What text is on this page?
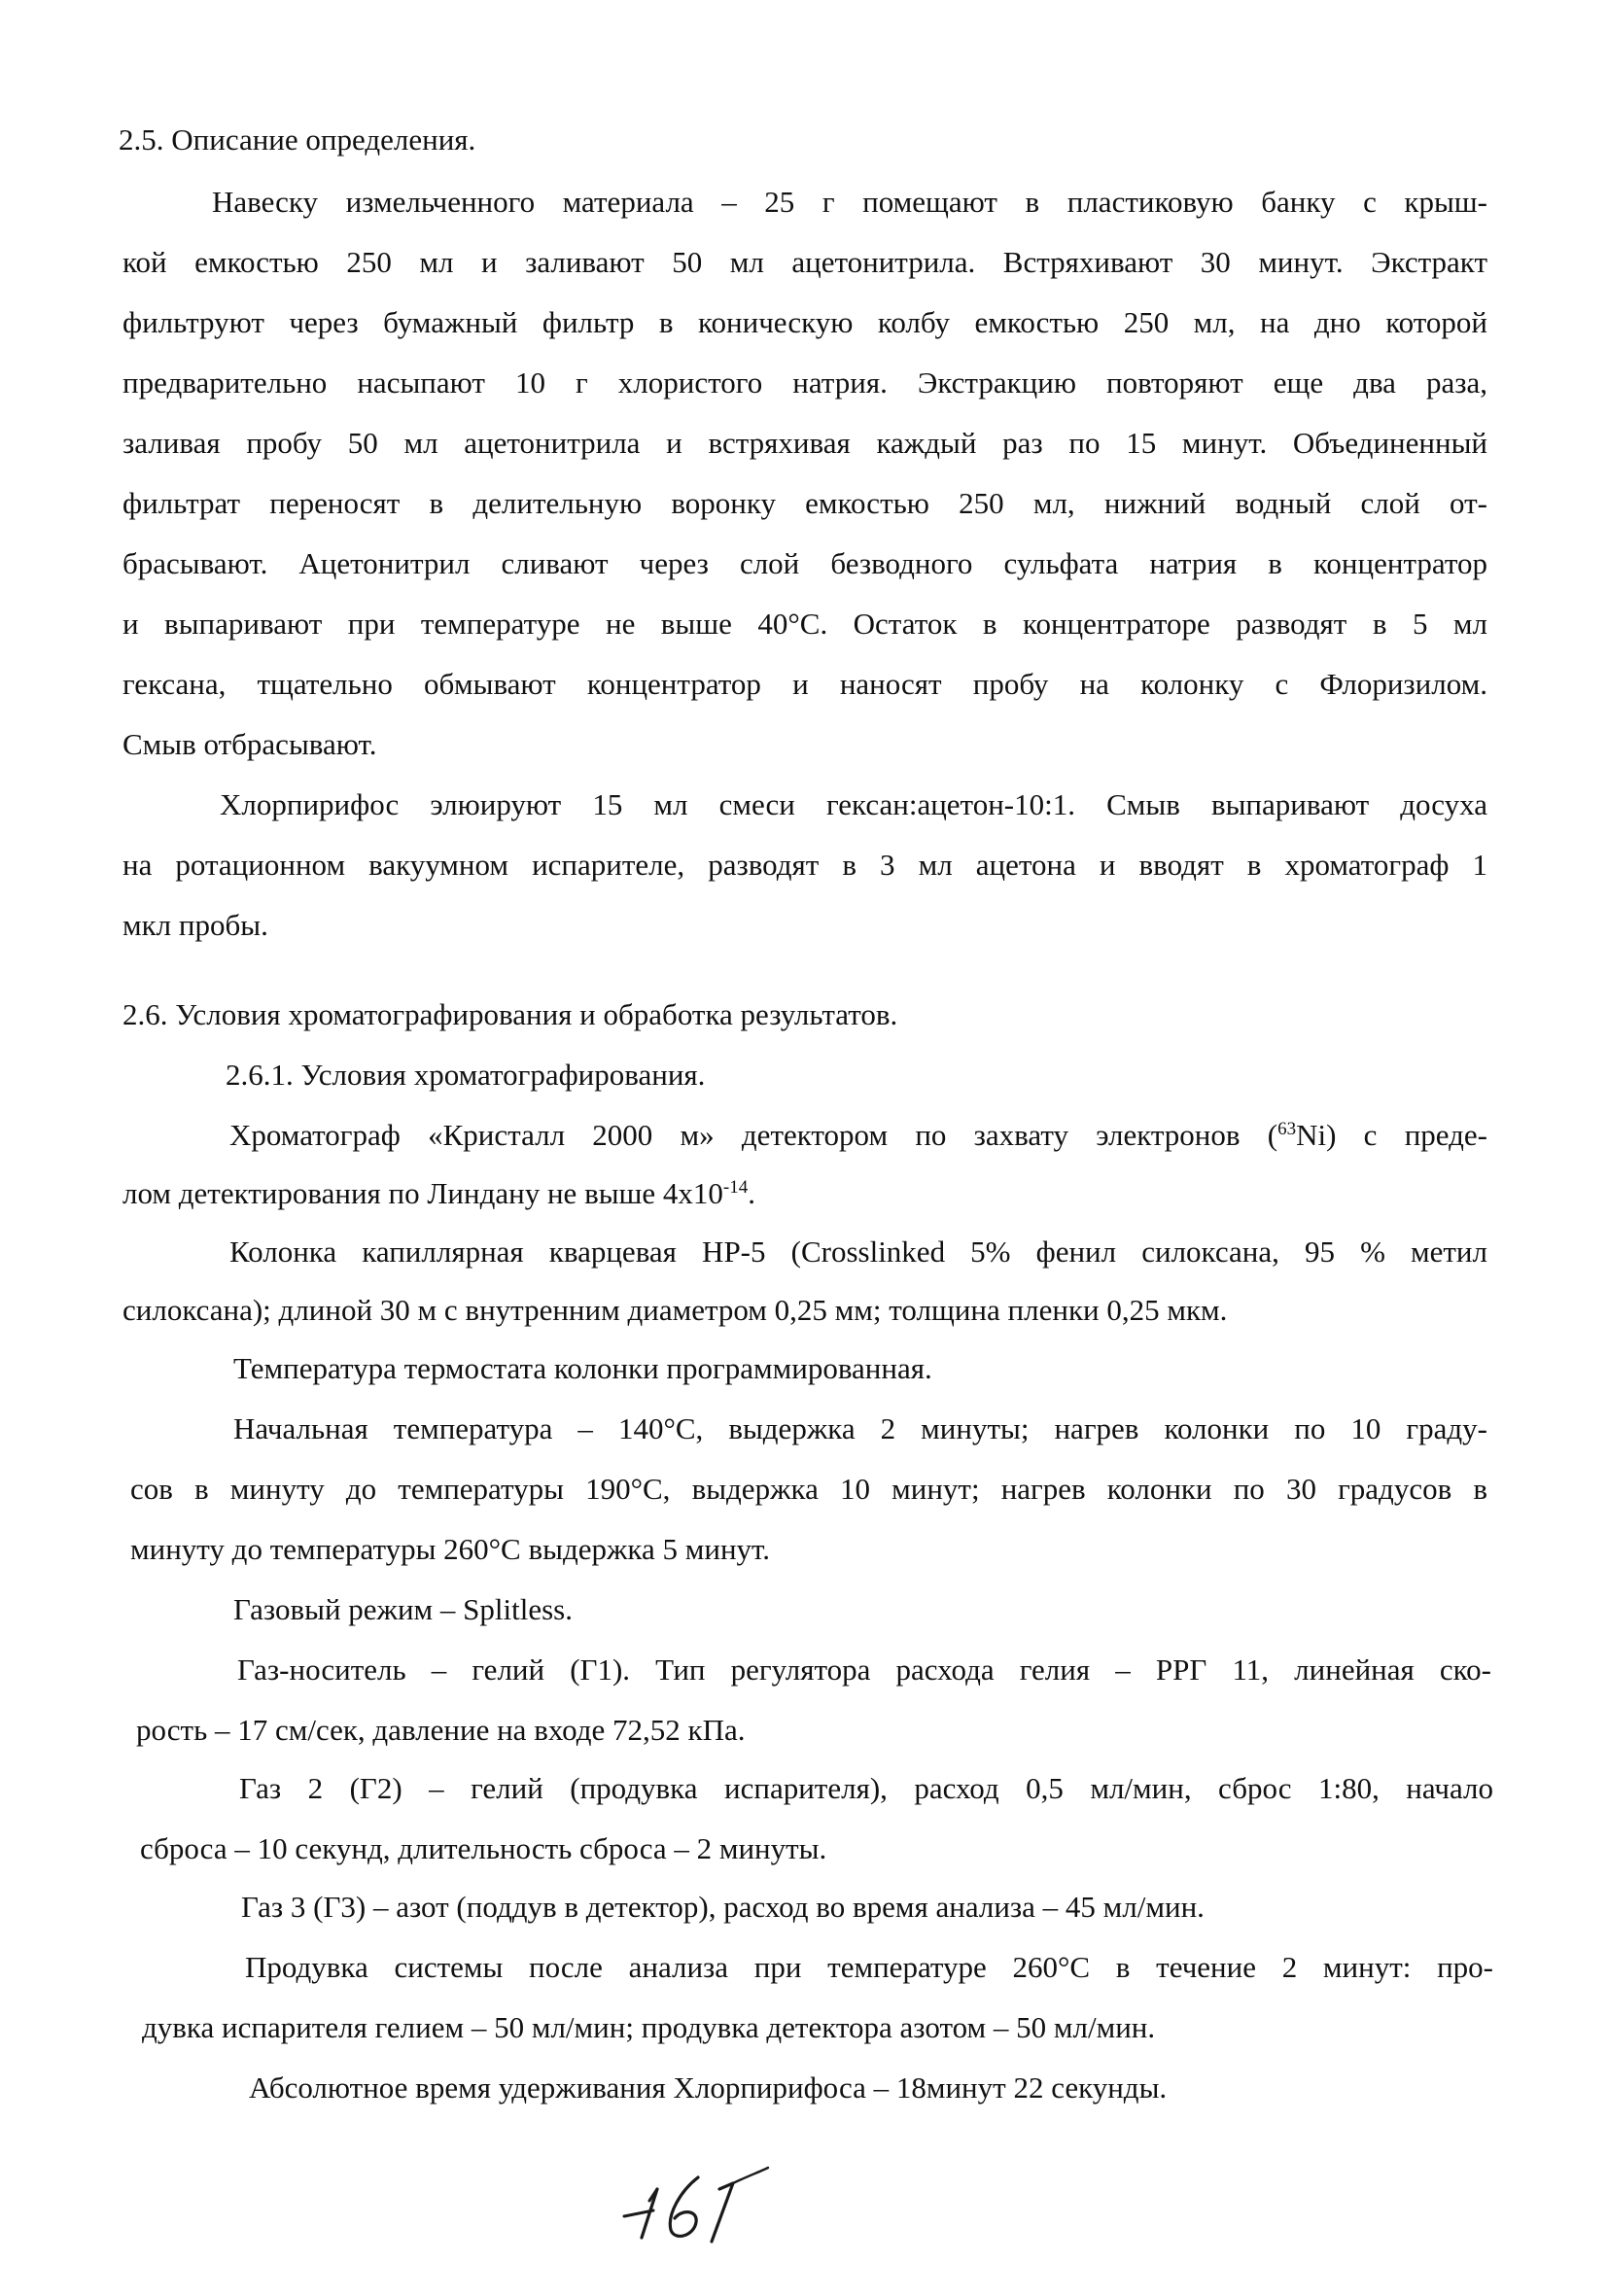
2.5. Описание определения.

Навеску измельченного материала – 25 г помещают в пластиковую банку с крыш-

кой емкостью 250 мл и заливают 50 мл ацетонитрила. Встряхивают 30 минут. Экстракт

фильтруют через бумажный фильтр в коническую колбу емкостью 250 мл, на дно которой

предварительно насыпают 10 г хлористого натрия. Экстракцию повторяют еще два раза,

заливая пробу 50 мл ацетонитрила и встряхивая каждый раз по 15 минут. Объединенный

фильтрат переносят в делительную воронку емкостью 250 мл, нижний водный слой от-

брасывают. Ацетонитрил сливают через слой безводного сульфата натрия в концентратор

и выпаривают при температуре не выше 40°С. Остаток в концентраторе разводят в 5 мл

гексана, тщательно обмывают концентратор и наносят пробу на колонку с Флоризилом.

Смыв отбрасывают.

Хлорпирифос элюируют 15 мл смеси гексан:ацетон-10:1. Смыв выпаривают досуха

на ротационном вакуумном испарителе, разводят в 3 мл ацетона и вводят в хроматограф 1

мкл пробы.

2.6. Условия хроматографирования и обработка результатов.

2.6.1. Условия хроматографирования.

Хроматограф «Кристалл 2000 м» детектором по захвату электронов ($^{63}$Ni) с преде-

лом детектирования по Линдану не выше $4x10^{-14}$.

Колонка капиллярная кварцевая HP-5 (Crosslinked 5% фенил силоксана, 95 % метил

силоксана); длиной 30 м с внутренним диаметром 0,25 мм; толщина пленки 0,25 мкм.

Температура термостата колонки программированная.

Начальная температура – 140°С, выдержка 2 минуты; нагрев колонки по 10 граду-

сов в минуту до температуры 190°С, выдержка 10 минут; нагрев колонки по 30 градусов в

минуту до температуры 260°С выдержка 5 минут.

Газовый режим – Splitless.

Газ-носитель – гелий (Г1). Тип регулятора расхода гелия – РРГ 11, линейная ско-

рость – 17 см/сек, давление на входе 72,52 кПа.

Газ 2 (Г2) – гелий (продувка испарителя), расход 0,5 мл/мин, сброс 1:80, начало

сброса – 10 секунд, длительность сброса – 2 минуты.

Газ 3 (Г3) – азот (поддув в детектор), расход во время анализа – 45 мл/мин.

Продувка системы после анализа при температуре 260°С в течение 2 минут: про-

дувка испарителя гелием – 50 мл/мин; продувка детектора азотом – 50 мл/мин.

Абсолютное время удерживания Хлорпирифоса – 18минут 22 секунды.
